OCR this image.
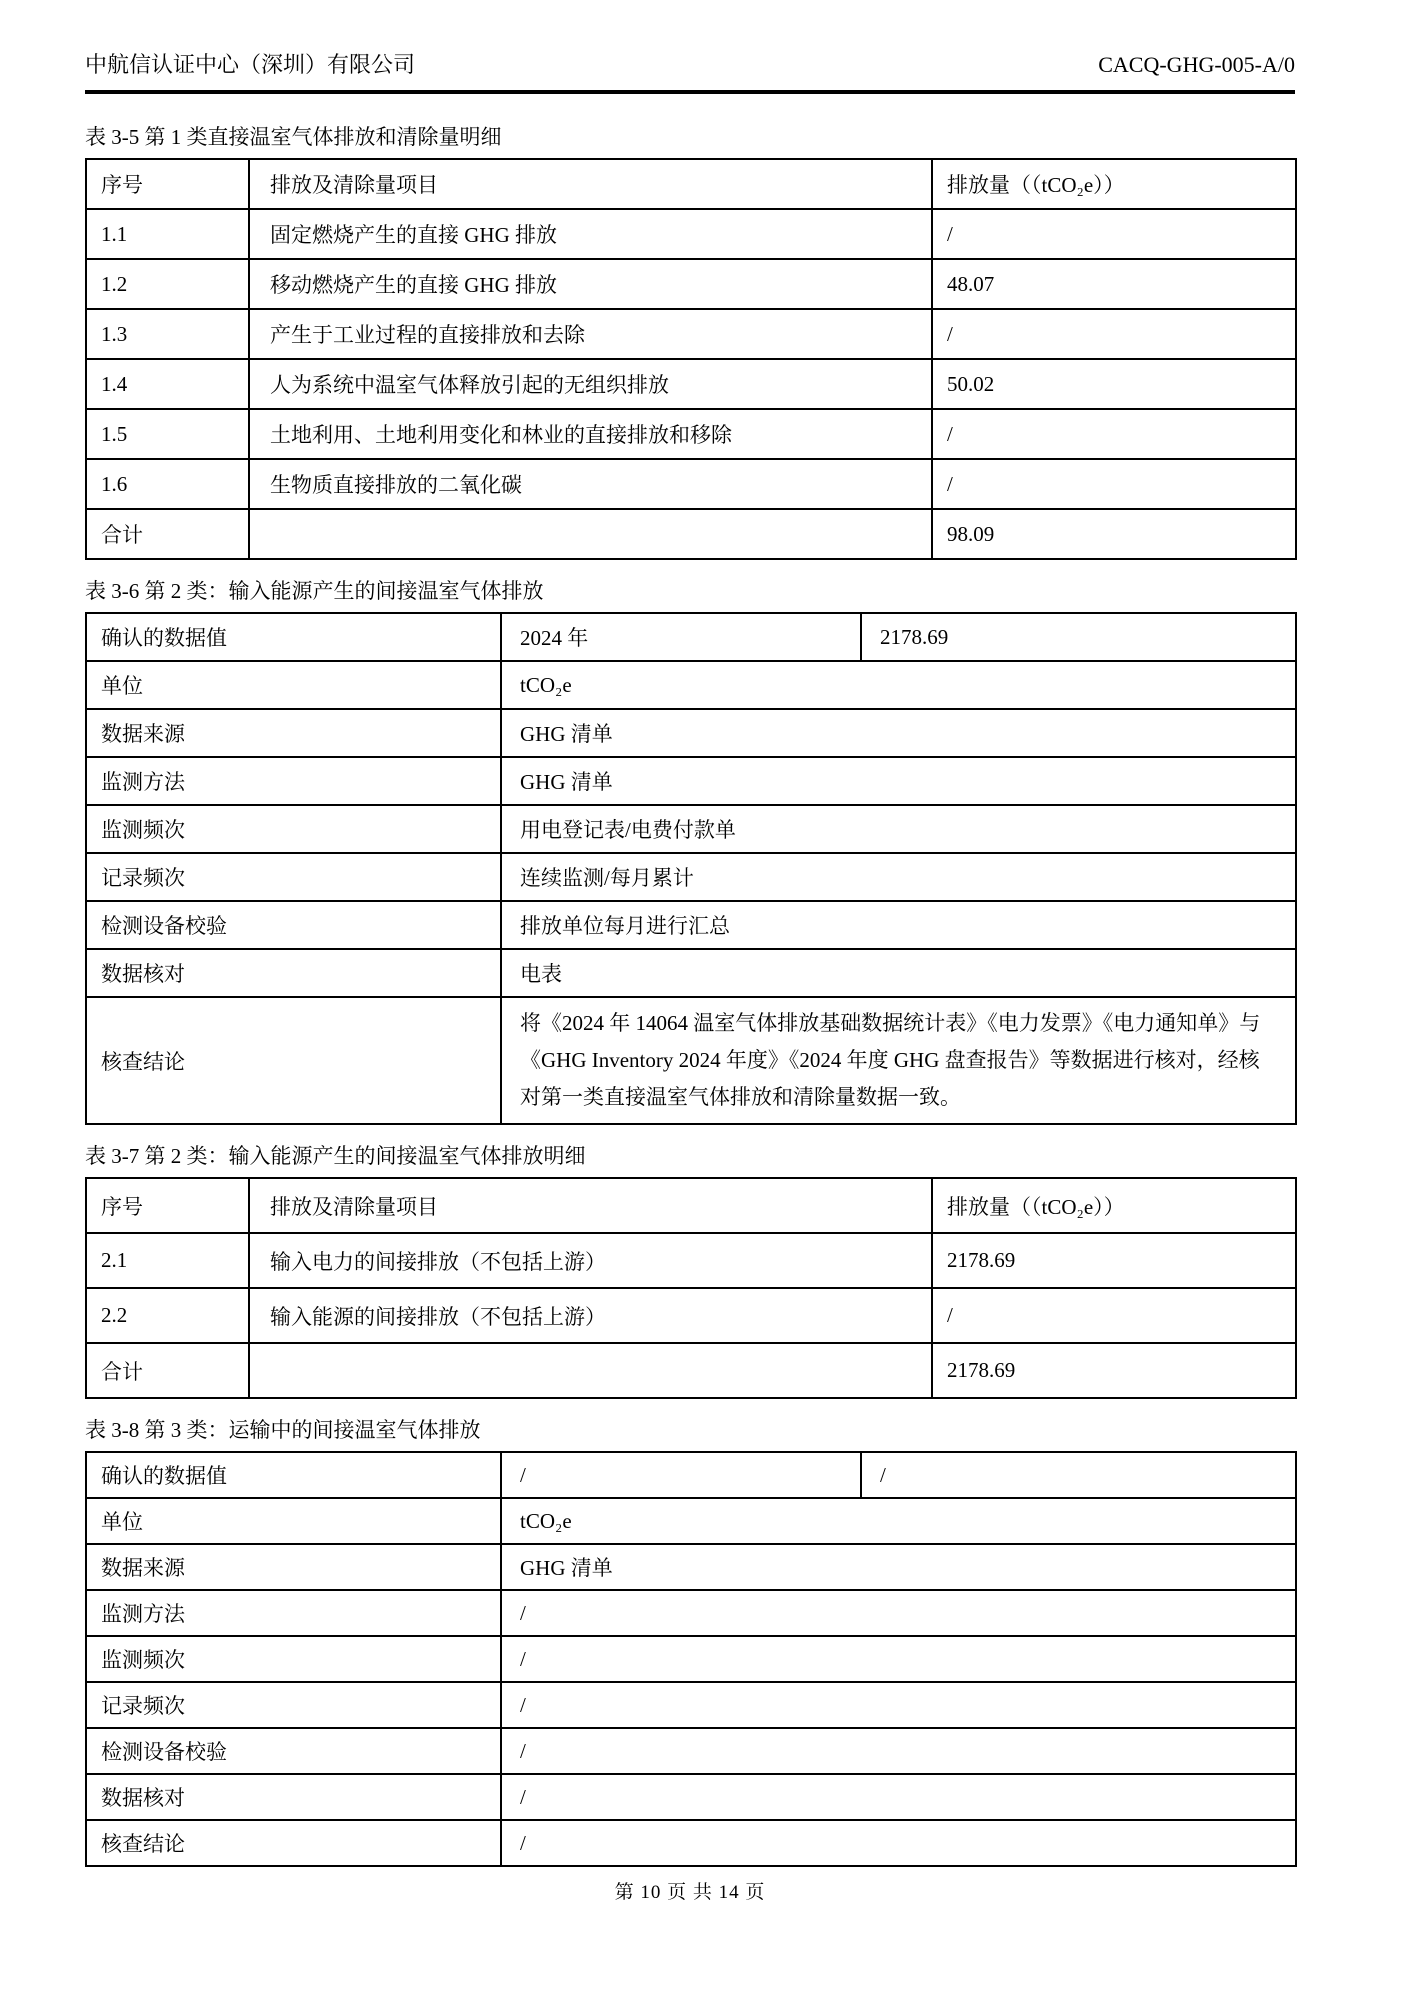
中航信认证中心（深圳）有限公司	CACQ-GHG-005-A/0
表 3-5 第 1 类直接温室气体排放和清除量明细
序号	排放及清除量项目	排放量（（tCO₂e））
1.1	固定燃烧产生的直接 GHG 排放	/
1.2	移动燃烧产生的直接 GHG 排放	48.07
1.3	产生于工业过程的直接排放和去除	/
1.4	人为系统中温室气体释放引起的无组织排放	50.02
1.5	土地利用、土地利用变化和林业的直接排放和移除	/
1.6	生物质直接排放的二氧化碳	/
合计		98.09
表 3-6 第 2 类：输入能源产生的间接温室气体排放
确认的数据值	2024 年	2178.69
单位	tCO₂e	
数据来源	GHG 清单	
监测方法	GHG 清单	
监测频次	用电登记表/电费付款单	
记录频次	连续监测/每月累计	
检测设备校验	排放单位每月进行汇总	
数据核对	电表	
核查结论	将《2024 年 14064 温室气体排放基础数据统计表》《电力发票》《电力通知单》与《GHG Inventory 2024 年度》《2024 年度 GHG 盘查报告》等数据进行核对，经核对第一类直接温室气体排放和清除量数据一致。	
表 3-7 第 2 类：输入能源产生的间接温室气体排放明细
序号	排放及清除量项目	排放量（（tCO₂e））
2.1	输入电力的间接排放（不包括上游）	2178.69
2.2	输入能源的间接排放（不包括上游）	/
合计		2178.69
表 3-8 第 3 类：运输中的间接温室气体排放
确认的数据值	/	/
单位	tCO₂e	
数据来源	GHG 清单	
监测方法	/	
监测频次	/	
记录频次	/	
检测设备校验	/	
数据核对	/	
核查结论	/	
第 10 页 共 14 页
